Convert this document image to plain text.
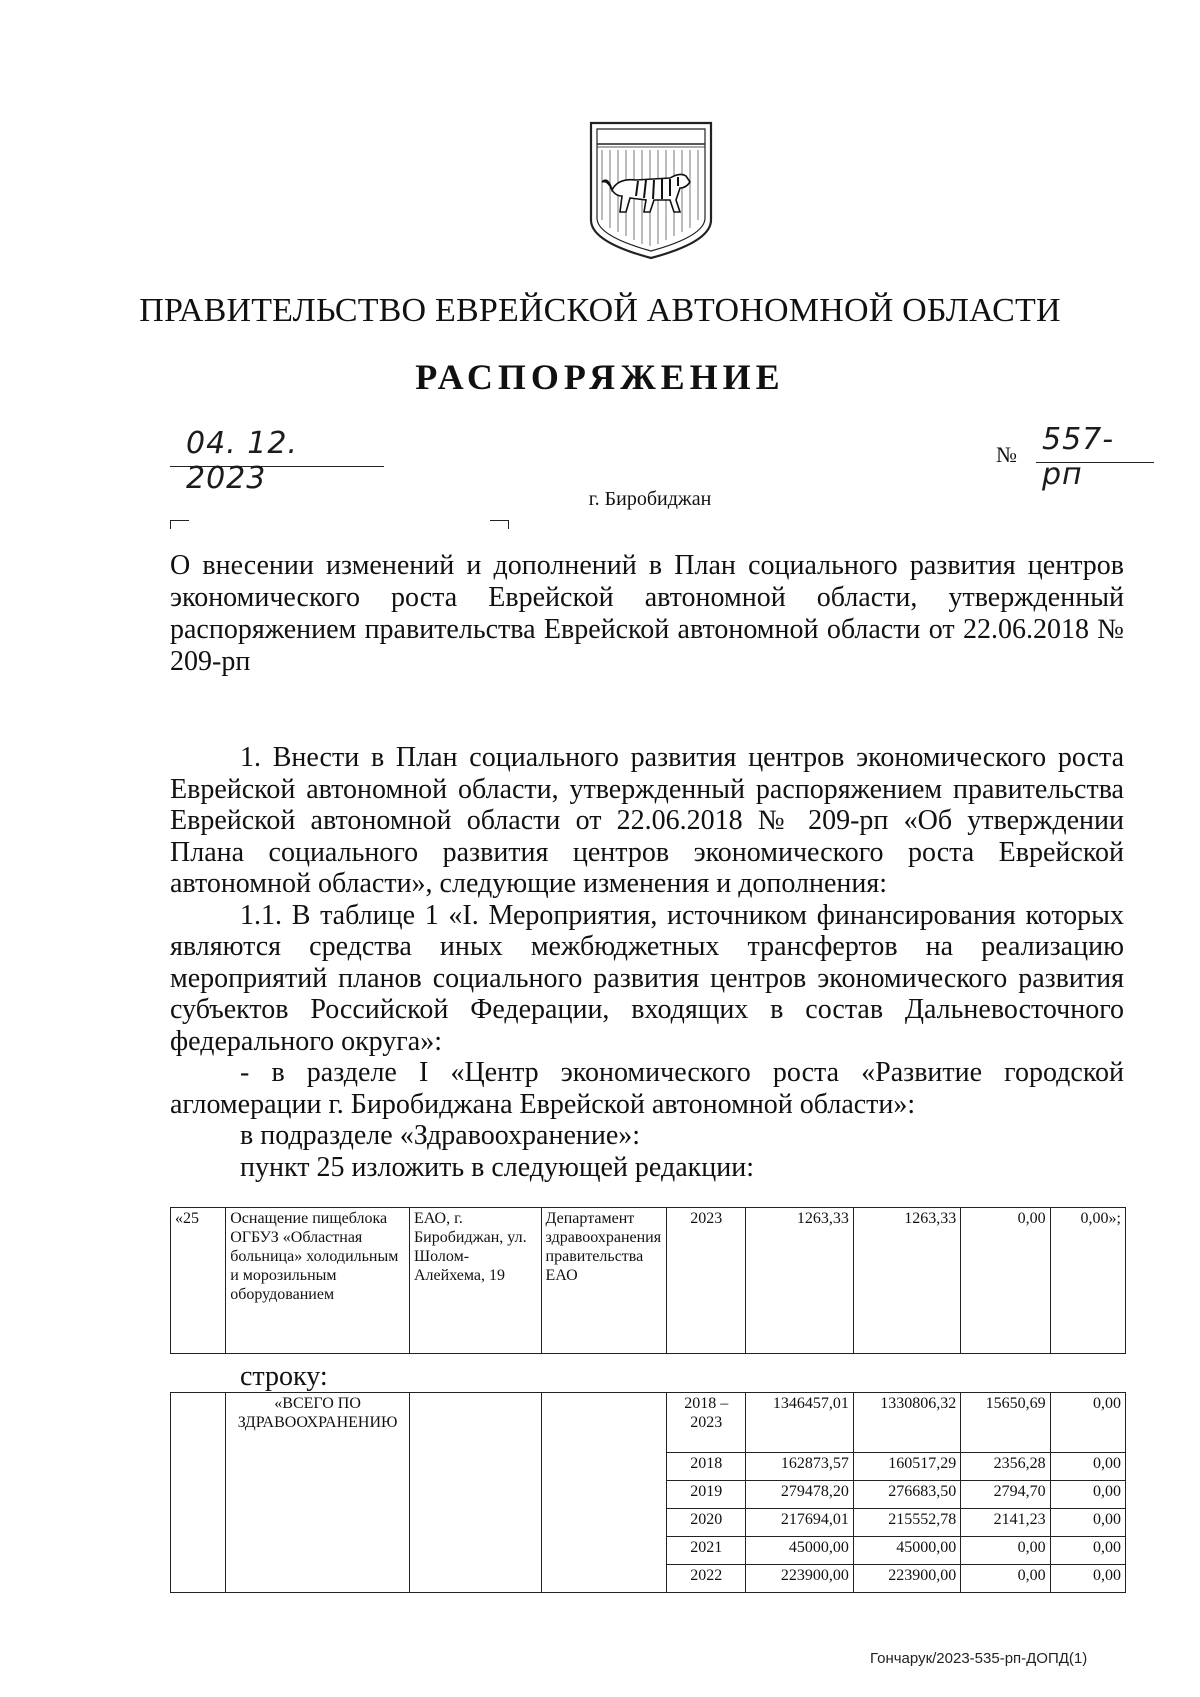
ПРАВИТЕЛЬСТВО ЕВРЕЙСКОЙ АВТОНОМНОЙ ОБЛАСТИ
РАСПОРЯЖЕНИЕ
04. 12. 2023
№ 557-рп
г. Биробиджан
О внесении изменений и дополнений в План социального развития центров экономического роста Еврейской автономной области, утвержденный распоряжением правительства Еврейской автономной области от 22.06.2018 № 209-рп

1. Внести в План социального развития центров экономического роста Еврейской автономной области, утвержденный распоряжением правительства Еврейской автономной области от 22.06.2018 № 209-рп «Об утверждении Плана социального развития центров экономического роста Еврейской автономной области», следующие изменения и дополнения:

1.1. В таблице 1 «I. Мероприятия, источником финансирования которых являются средства иных межбюджетных трансфертов на реализацию мероприятий планов социального развития центров экономического развития субъектов Российской Федерации, входящих в состав Дальневосточного федерального округа»:

- в разделе I «Центр экономического роста «Развитие городской агломерации г. Биробиджана Еврейской автономной области»:

в подразделе «Здравоохранение»:

пункт 25 изложить в следующей редакции:

«25	Оснащение пищеблока ОГБУЗ «Областная больница» холодильным и морозильным оборудованием	ЕАО, г. Биробиджан, ул. Шолом-Алейхема, 19	Департамент здравоохранения правительства ЕАО	2023	1263,33	1263,33	0,00	0,00»;
строку:
	«ВСЕГО ПО ЗДРАВООХРАНЕНИЮ			2018 – 2023	1346457,01	1330806,32	15650,69	0,00
				2018	162873,57	160517,29	2356,28	0,00
				2019	279478,20	276683,50	2794,70	0,00
				2020	217694,01	215552,78	2141,23	0,00
				2021	45000,00	45000,00	0,00	0,00
				2022	223900,00	223900,00	0,00	0,00
Гончарук/2023-535-рп-ДОПД(1)
